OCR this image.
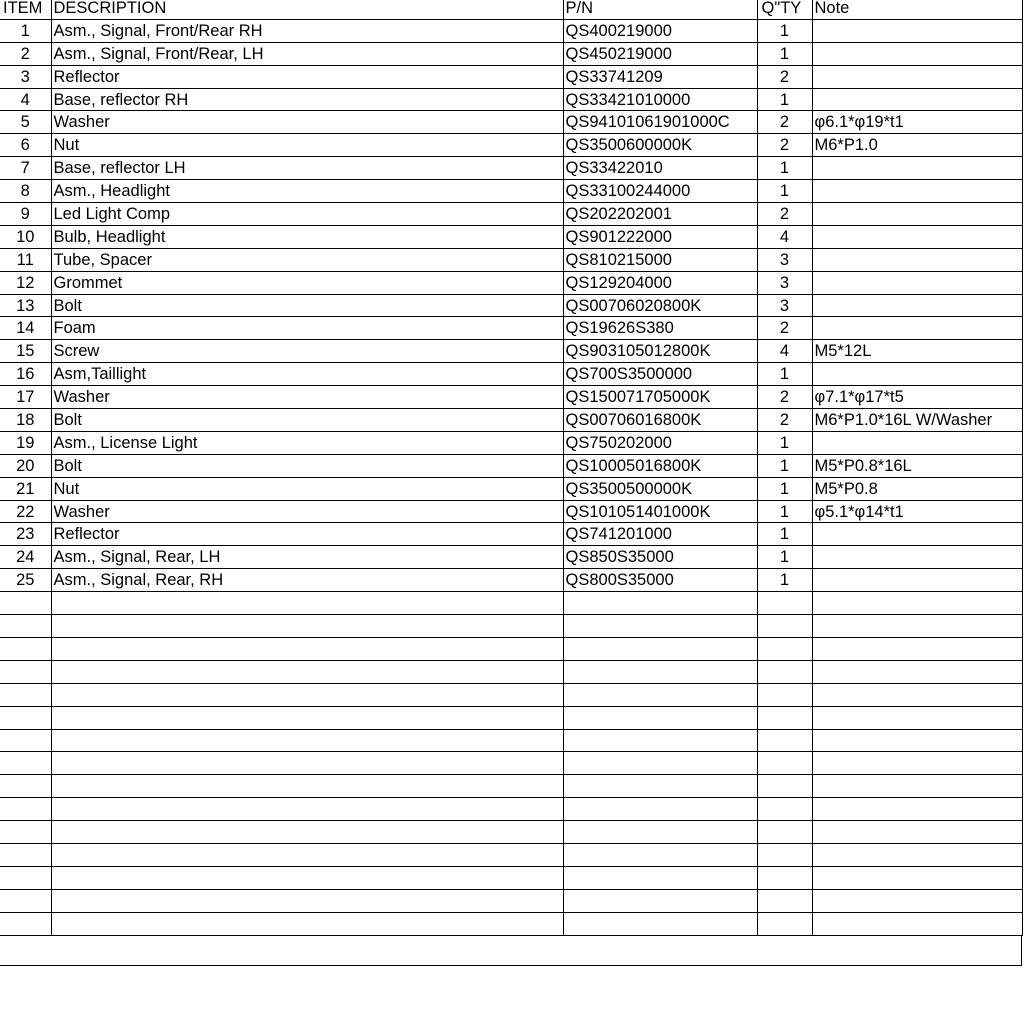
ITEM	DESCRIPTION	P/N	Q"TY	Note
1	Asm., Signal, Front/Rear RH	QS400219000	1	
2	Asm., Signal, Front/Rear, LH	QS450219000	1	
3	Reflector	QS33741209	2	
4	Base, reflector RH	QS33421010000	1	
5	Washer	QS94101061901000C	2	φ6.1*φ19*t1
6	Nut	QS3500600000K	2	M6*P1.0
7	Base, reflector LH	QS33422010	1	
8	Asm., Headlight	QS33100244000	1	
9	Led Light Comp	QS202202001	2	
10	Bulb, Headlight	QS901222000	4	
11	Tube, Spacer	QS810215000	3	
12	Grommet	QS129204000	3	
13	Bolt	QS00706020800K	3	
14	Foam	QS19626S380	2	
15	Screw	QS903105012800K	4	M5*12L
16	Asm,Taillight	QS700S3500000	1	
17	Washer	QS150071705000K	2	φ7.1*φ17*t5
18	Bolt	QS00706016800K	2	M6*P1.0*16L W/Washer
19	Asm., License Light	QS750202000	1	
20	Bolt	QS10005016800K	1	M5*P0.8*16L
21	Nut	QS3500500000K	1	M5*P0.8
22	Washer	QS101051401000K	1	φ5.1*φ14*t1
23	Reflector	QS741201000	1	
24	Asm., Signal, Rear, LH	QS850S35000	1	
25	Asm., Signal, Rear, RH	QS800S35000	1	
